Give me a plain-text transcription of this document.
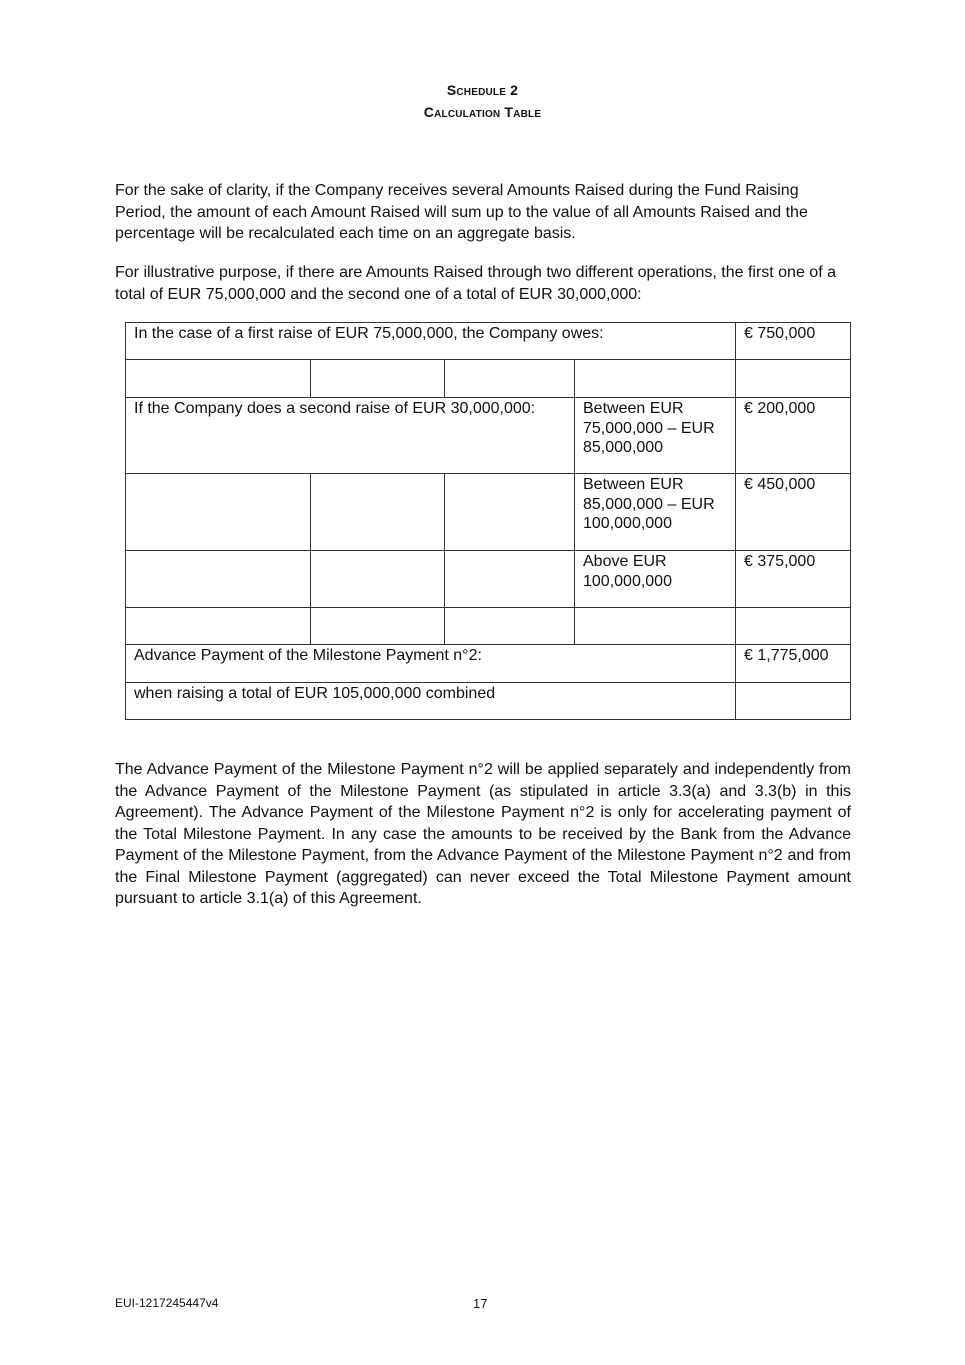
Schedule 2
Calculation Table

For the sake of clarity, if the Company receives several Amounts Raised during the Fund Raising Period, the amount of each Amount Raised will sum up to the value of all Amounts Raised and the percentage will be recalculated each time on an aggregate basis.

For illustrative purpose, if there are Amounts Raised through two different operations, the first one of a total of EUR 75,000,000 and the second one of a total of EUR 30,000,000:

In the case of a first raise of EUR 75,000,000, the Company owes:				€ 750,000

If the Company does a second raise of EUR 30,000,000:			Between EUR 75,000,000 – EUR 85,000,000	€ 200,000
			Between EUR 85,000,000 – EUR 100,000,000	€ 450,000
			Above EUR 100,000,000	€ 375,000

Advance Payment of the Milestone Payment n°2:				€ 1,775,000
when raising a total of EUR 105,000,000 combined				

The Advance Payment of the Milestone Payment n°2 will be applied separately and independently from the Advance Payment of the Milestone Payment (as stipulated in article 3.3(a) and 3.3(b) in this Agreement). The Advance Payment of the Milestone Payment n°2 is only for accelerating payment of the Total Milestone Payment. In any case the amounts to be received by the Bank from the Advance Payment of the Milestone Payment, from the Advance Payment of the Milestone Payment n°2 and from the Final Milestone Payment (aggregated) can never exceed the Total Milestone Payment amount pursuant to article 3.1(a) of this Agreement.

EUI-1217245447v4	17
